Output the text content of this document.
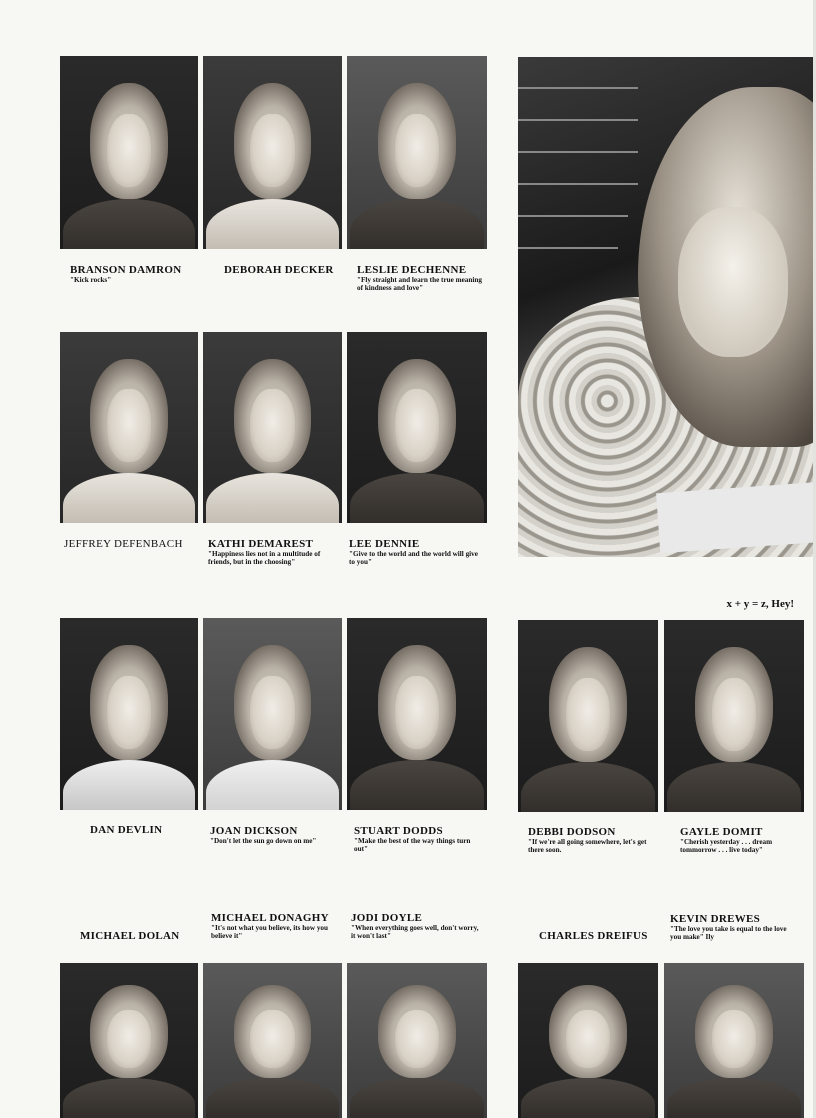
BRANSON DAMRON
"Kick rocks"
DEBORAH DECKER LESLIE DECHENNE
"Fly straight and learn the true meaning of kindness and love"
JEFFREY DEFENBACH KATHI DEMAREST
"Happiness lies not in a multitude of friends, but in the choosing"
LEE DENNIE
"Give to the world and the world will give to you"
x + y = z, Hey!
DAN DEVLIN	JOAN DICKSON
"Don't let the sun go down on me"
STUART DODDS
"Make the best of the way things turn out"
DEBBI DODSON
"If we're all going somewhere, let's get there soon.
GAYLE DOMIT
"Cherish yesterday . . . dream tommorrow . . . live today"
MICHAEL DOLAN
MICHAEL DONAGHY
"It's not what you believe, its how you believe it"
JODI DOYLE
"When everything goes well, don't worry, it won't last"	CHARLES DREIFUS
KEVIN DREWES
"The love you take is equal to the love you make" Ily
